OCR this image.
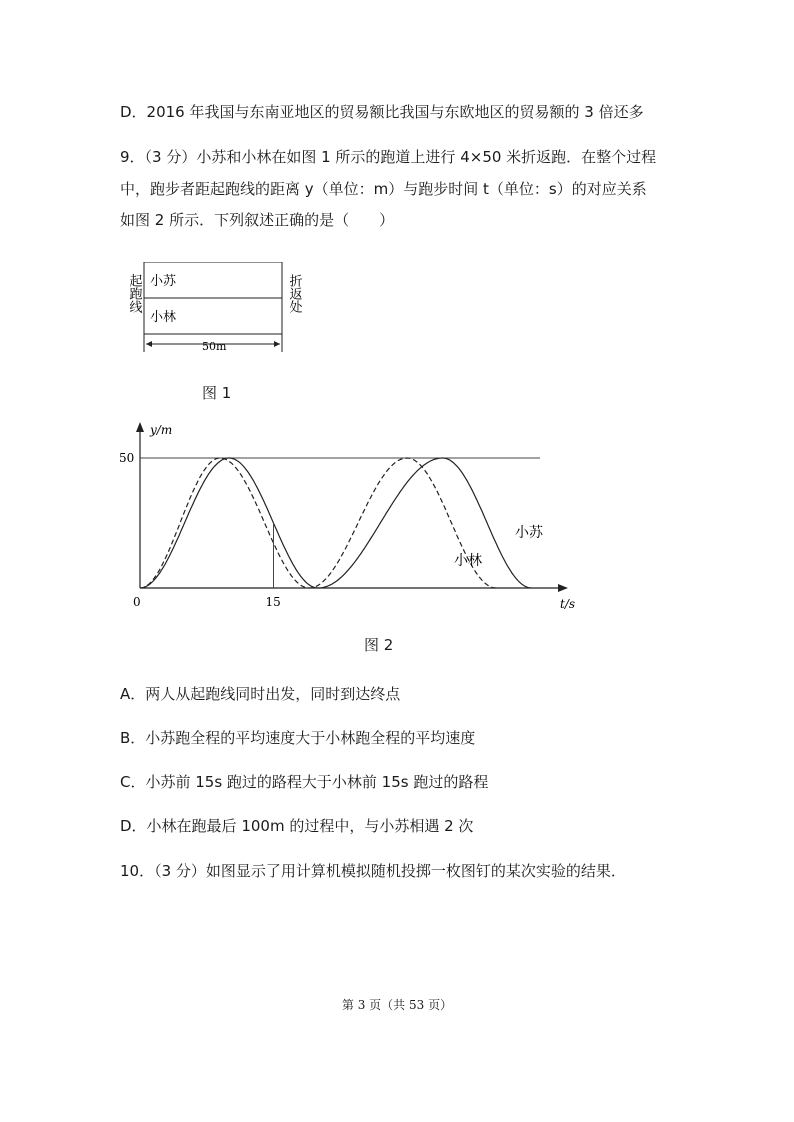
D．2016 年我国与东南亚地区的贸易额比我国与东欧地区的贸易额的 3 倍还多
9．（3 分）小苏和小林在如图 1 所示的跑道上进行 4×50 米折返跑．在整个过程
中，跑步者距起跑线的距离 y（单位：m）与跑步时间 t（单位：s）的对应关系
如图 2 所示．下列叙述正确的是（　　）
小苏
小林
50m
起跑线	折返处
图 1
y/m
t/s
0
50
15
小苏
小林
图 2
A．两人从起跑线同时出发，同时到达终点
B．小苏跑全程的平均速度大于小林跑全程的平均速度
C．小苏前 15s 跑过的路程大于小林前 15s 跑过的路程
D．小林在跑最后 100m 的过程中，与小苏相遇 2 次
10．（3 分）如图显示了用计算机模拟随机投掷一枚图钉的某次实验的结果．
第 3 页（共 53 页）
